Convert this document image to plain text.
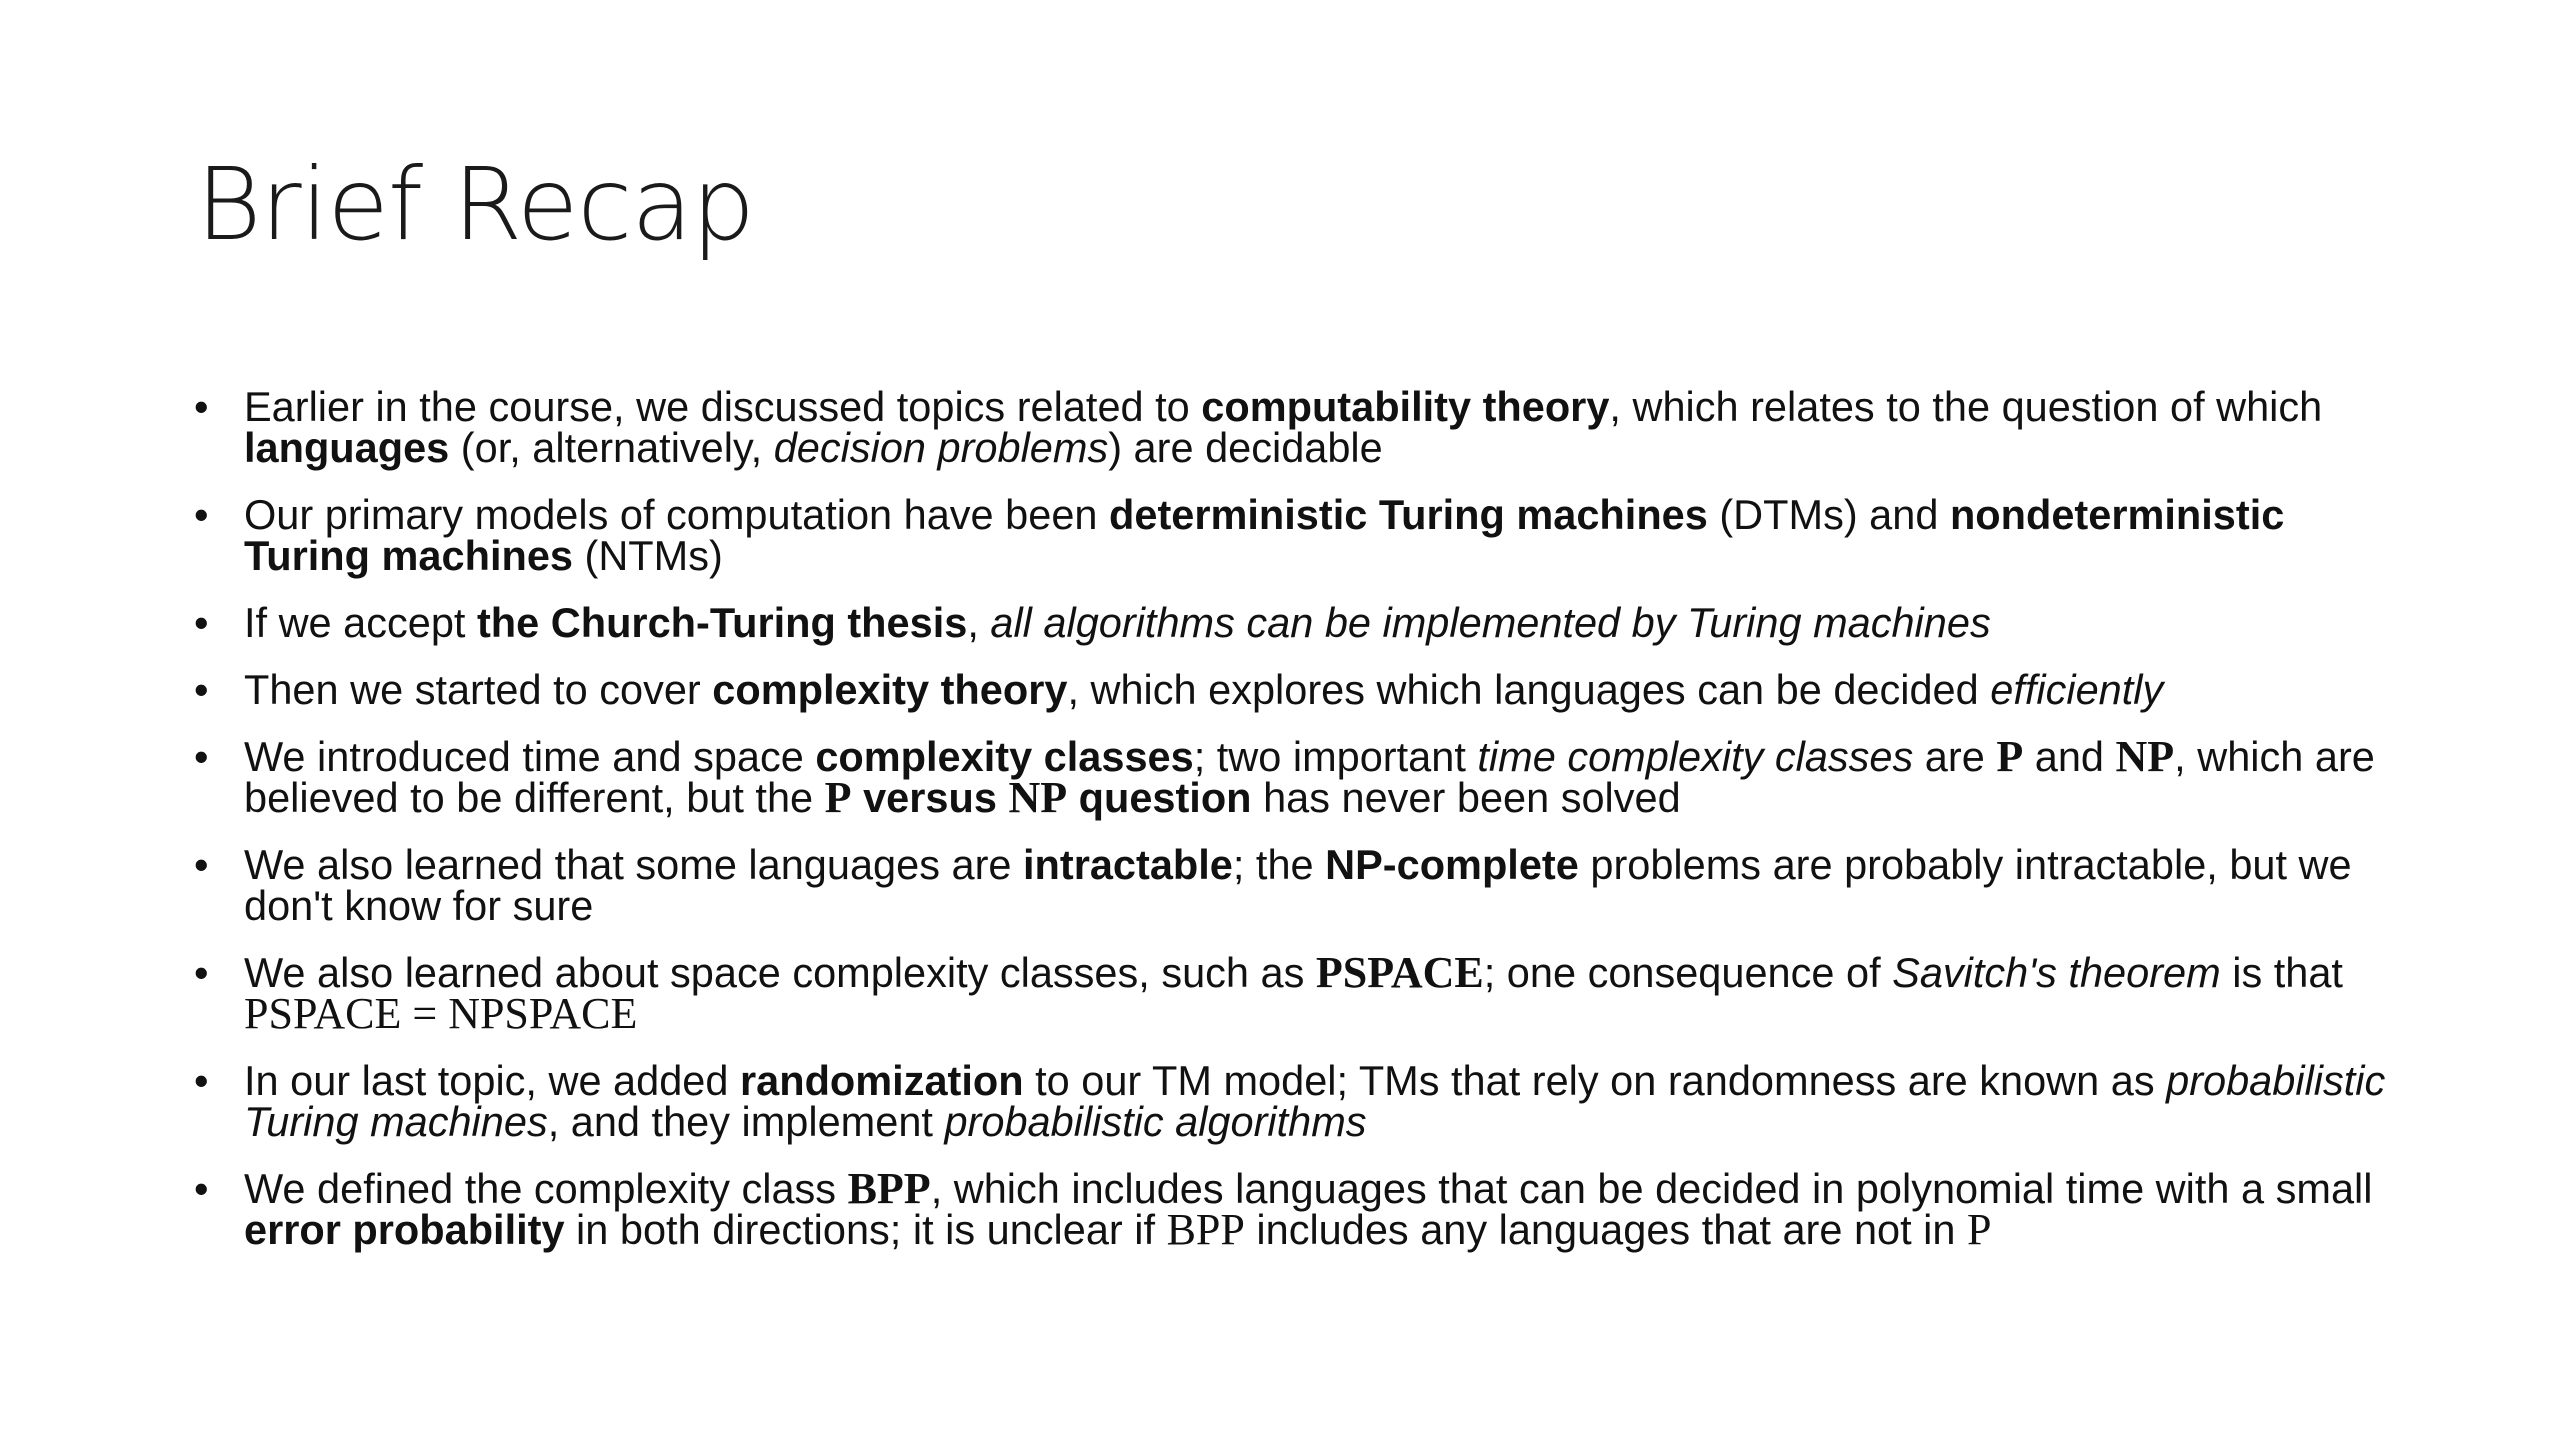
Brief Recap
• Earlier in the course, we discussed topics related to computability theory, which relates to the question of which languages (or, alternatively, decision problems) are decidable
• Our primary models of computation have been deterministic Turing machines (DTMs) and nondeterministic Turing machines (NTMs)
• If we accept the Church-Turing thesis, all algorithms can be implemented by Turing machines
• Then we started to cover complexity theory, which explores which languages can be decided efficiently
• We introduced time and space complexity classes; two important time complexity classes are P and NP, which are believed to be different, but the P versus NP question has never been solved
• We also learned that some languages are intractable; the NP-complete problems are probably intractable, but we don't know for sure
• We also learned about space complexity classes, such as PSPACE; one consequence of Savitch's theorem is that PSPACE = NPSPACE
• In our last topic, we added randomization to our TM model; TMs that rely on randomness are known as probabilistic Turing machines, and they implement probabilistic algorithms
• We defined the complexity class BPP, which includes languages that can be decided in polynomial time with a small error probability in both directions; it is unclear if BPP includes any languages that are not in P
